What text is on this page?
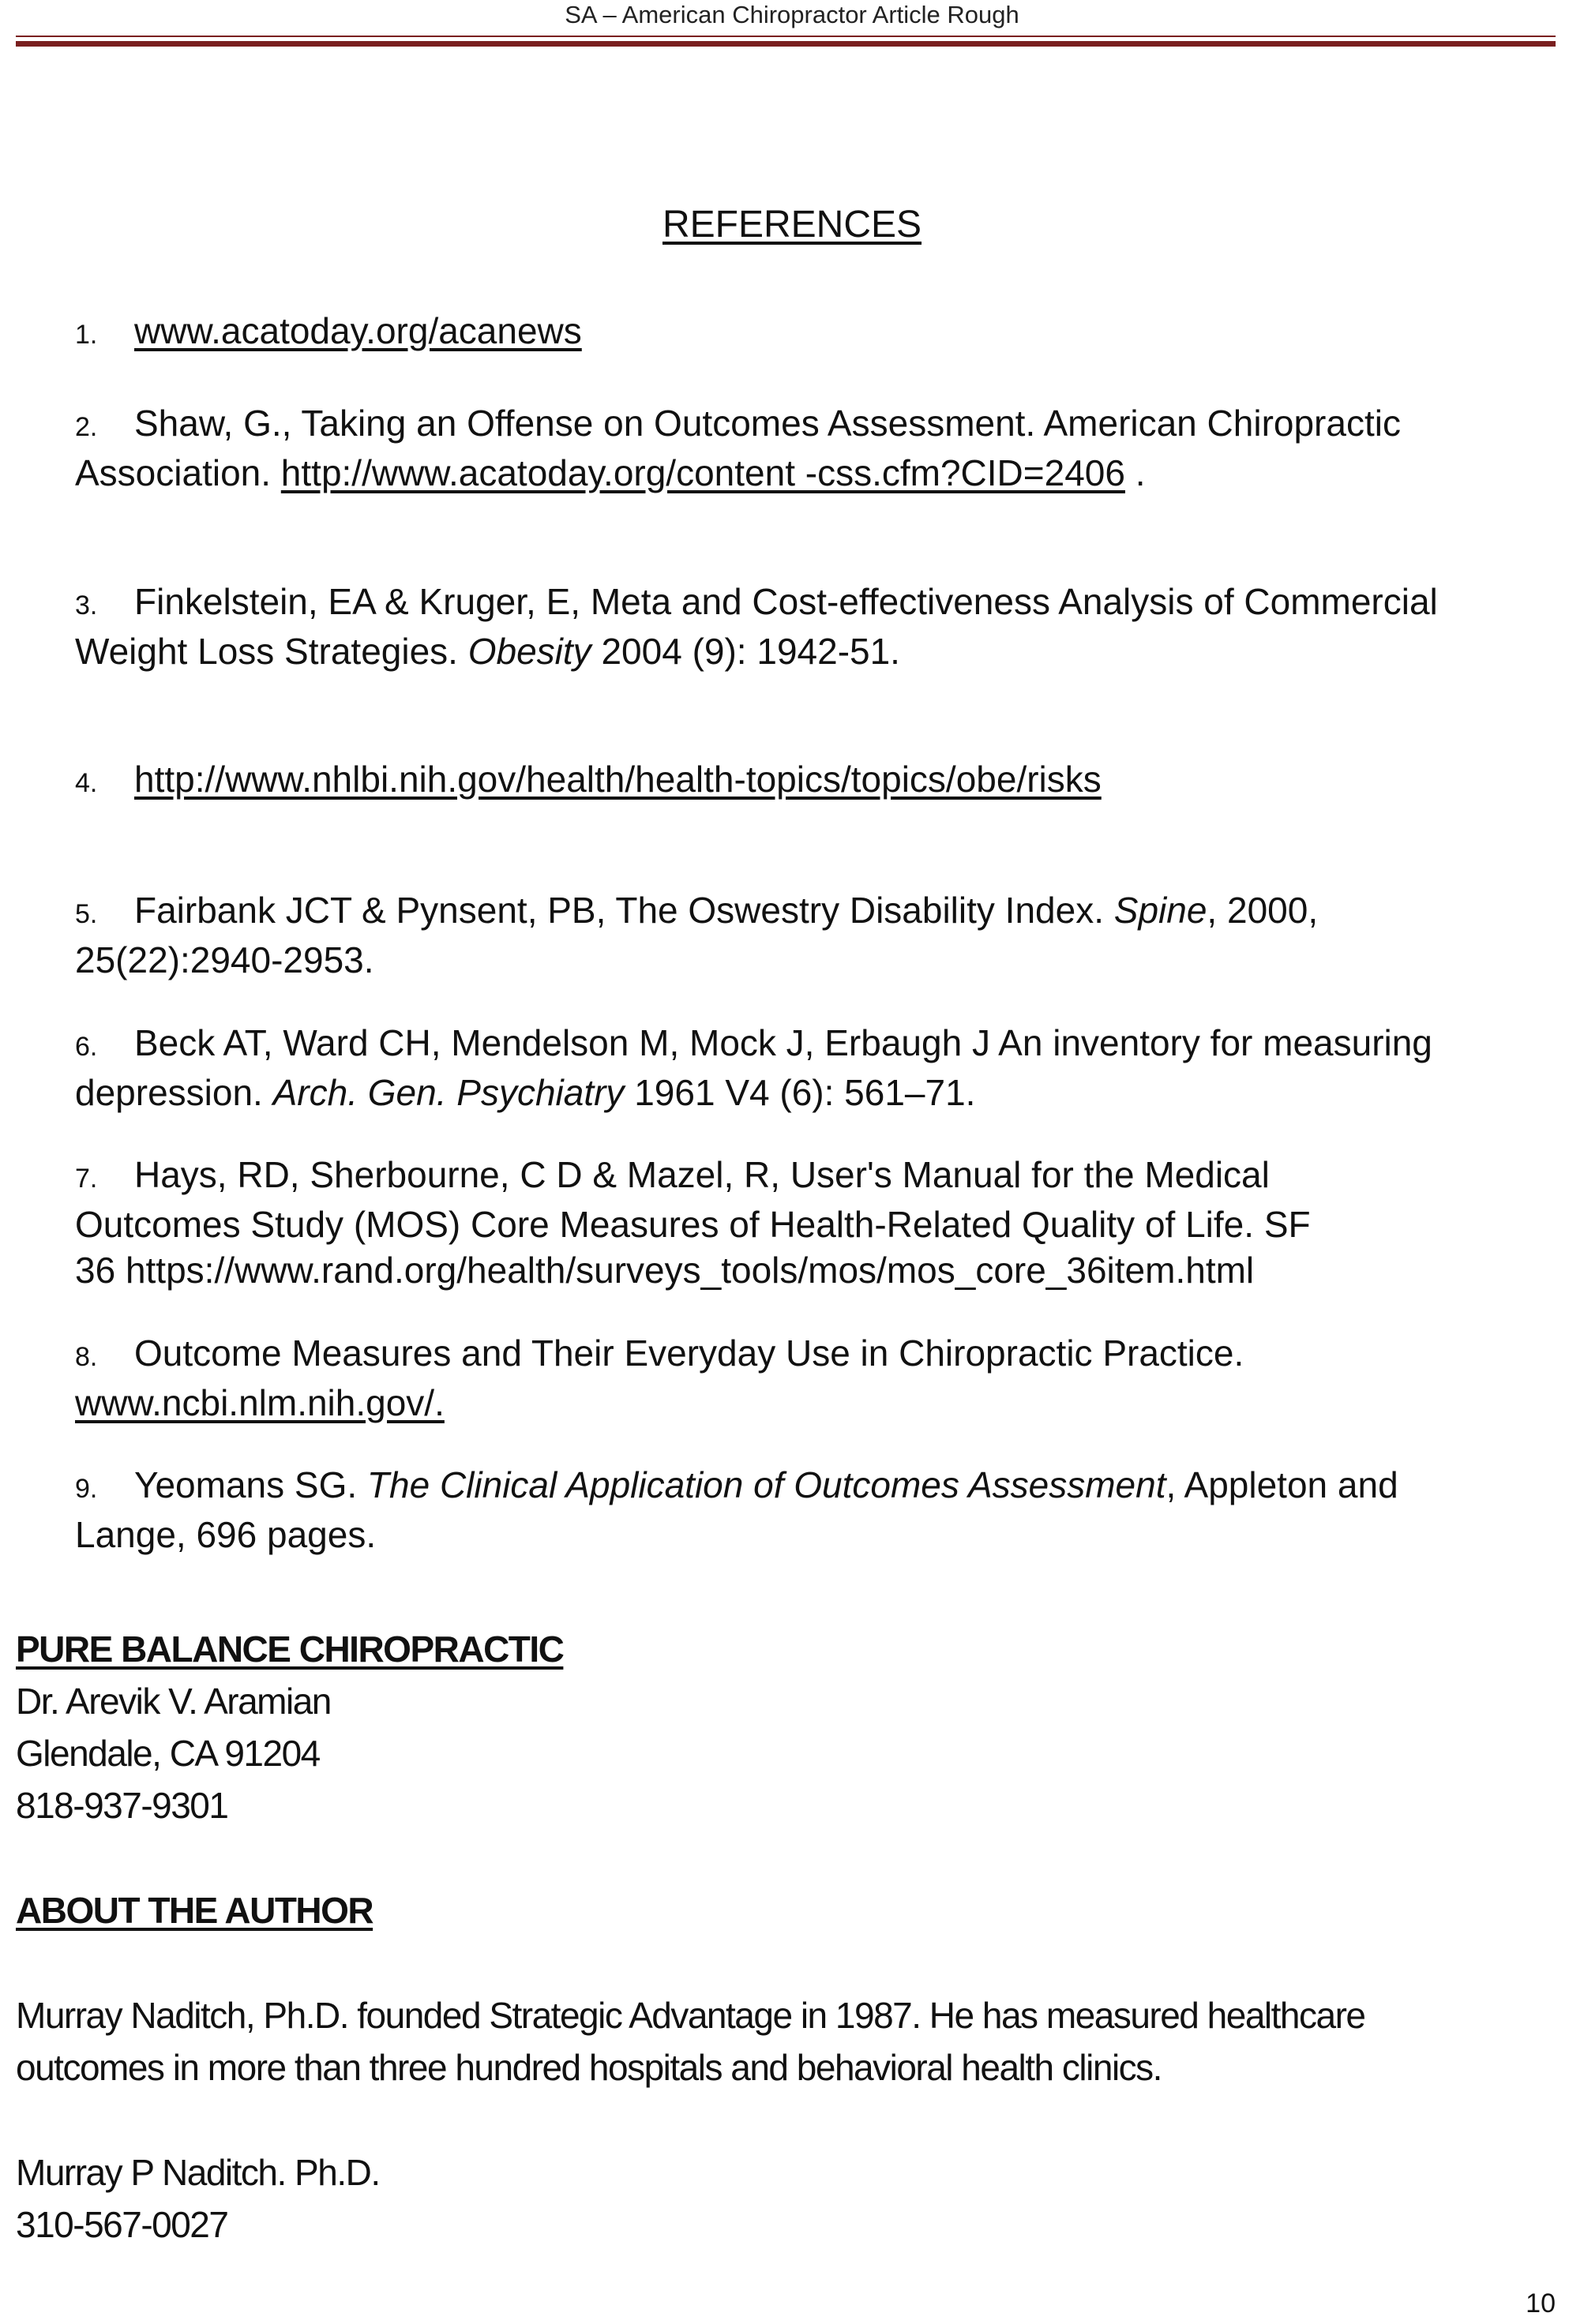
SA – American Chiropractor Article Rough
REFERENCES
1. www.acatoday.org/acanews
2. Shaw, G., Taking an Offense on Outcomes Assessment. American Chiropractic
Association. http://www.acatoday.org/content -css.cfm?CID=2406 .
3. Finkelstein, EA & Kruger, E, Meta and Cost-effectiveness Analysis of Commercial
Weight Loss Strategies. Obesity 2004 (9): 1942-51.
4. http://www.nhlbi.nih.gov/health/health-topics/topics/obe/risks
5. Fairbank JCT & Pynsent, PB, The Oswestry Disability Index. Spine, 2000,
25(22):2940-2953.
6. Beck AT, Ward CH, Mendelson M, Mock J, Erbaugh J An inventory for measuring
depression. Arch. Gen. Psychiatry 1961 V4 (6): 561–71.
7. Hays, RD, Sherbourne, C D & Mazel, R, User's Manual for the Medical
Outcomes Study (MOS) Core Measures of Health-Related Quality of Life. SF
36 https://www.rand.org/health/surveys_tools/mos/mos_core_36item.html
8. Outcome Measures and Their Everyday Use in Chiropractic Practice.
www.ncbi.nlm.nih.gov/.
9. Yeomans SG. The Clinical Application of Outcomes Assessment, Appleton and
Lange, 696 pages.
PURE BALANCE CHIROPRACTIC
Dr. Arevik V. Aramian
Glendale, CA 91204
818-937-9301
ABOUT THE AUTHOR
Murray Naditch, Ph.D. founded Strategic Advantage in 1987. He has measured healthcare
outcomes in more than three hundred hospitals and behavioral health clinics.
Murray P Naditch. Ph.D.
310-567-0027
10
